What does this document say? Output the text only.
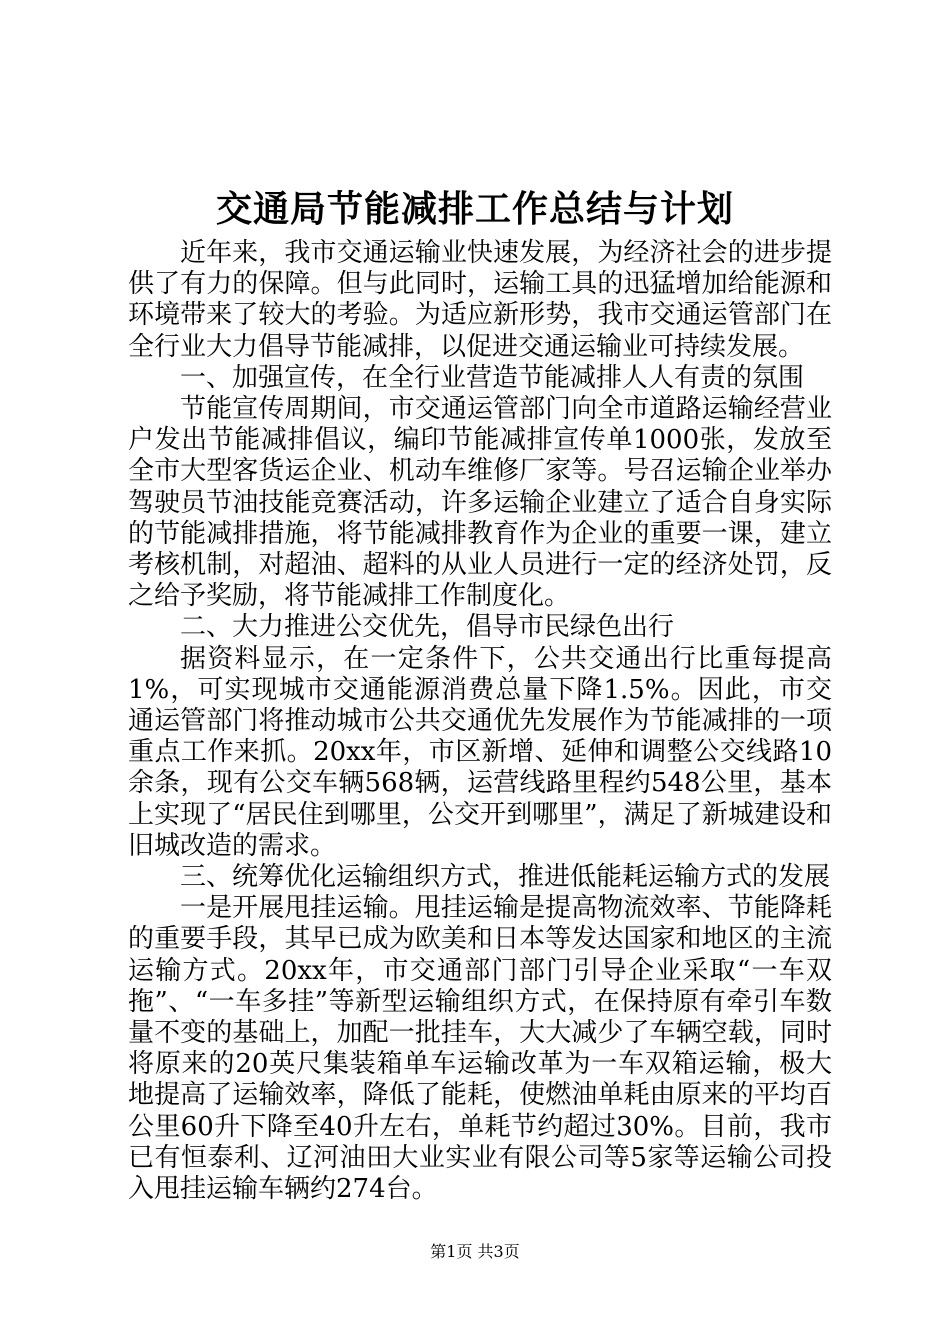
交通局节能减排工作总结与计划

近年来，我市交通运输业快速发展，为经济社会的进步提供了有力的保障。但与此同时，运输工具的迅猛增加给能源和环境带来了较大的考验。为适应新形势，我市交通运管部门在全行业大力倡导节能减排，以促进交通运输业可持续发展。

一、加强宣传，在全行业营造节能减排人人有责的氛围

节能宣传周期间，市交通运管部门向全市道路运输经营业户发出节能减排倡议，编印节能减排宣传单1000张，发放至全市大型客货运企业、机动车维修厂家等。号召运输企业举办驾驶员节油技能竞赛活动，许多运输企业建立了适合自身实际的节能减排措施，将节能减排教育作为企业的重要一课，建立考核机制，对超油、超料的从业人员进行一定的经济处罚，反之给予奖励，将节能减排工作制度化。

二、大力推进公交优先，倡导市民绿色出行

据资料显示，在一定条件下，公共交通出行比重每提高1%，可实现城市交通能源消费总量下降1.5%。因此，市交通运管部门将推动城市公共交通优先发展作为节能减排的一项重点工作来抓。20xx年，市区新增、延伸和调整公交线路10余条，现有公交车辆568辆，运营线路里程约548公里，基本上实现了“居民住到哪里，公交开到哪里”，满足了新城建设和旧城改造的需求。

三、统筹优化运输组织方式，推进低能耗运输方式的发展

一是开展甩挂运输。甩挂运输是提高物流效率、节能降耗的重要手段，其早已成为欧美和日本等发达国家和地区的主流运输方式。20xx年，市交通部门部门引导企业采取“一车双拖”、“一车多挂”等新型运输组织方式，在保持原有牵引车数量不变的基础上，加配一批挂车，大大减少了车辆空载，同时将原来的20英尺集装箱单车运输改革为一车双箱运输，极大地提高了运输效率，降低了能耗，使燃油单耗由原来的平均百公里60升下降至40升左右，单耗节约超过30%。目前，我市已有恒泰利、辽河油田大业实业有限公司等5家等运输公司投入甩挂运输车辆约274台。

第1页 共3页
